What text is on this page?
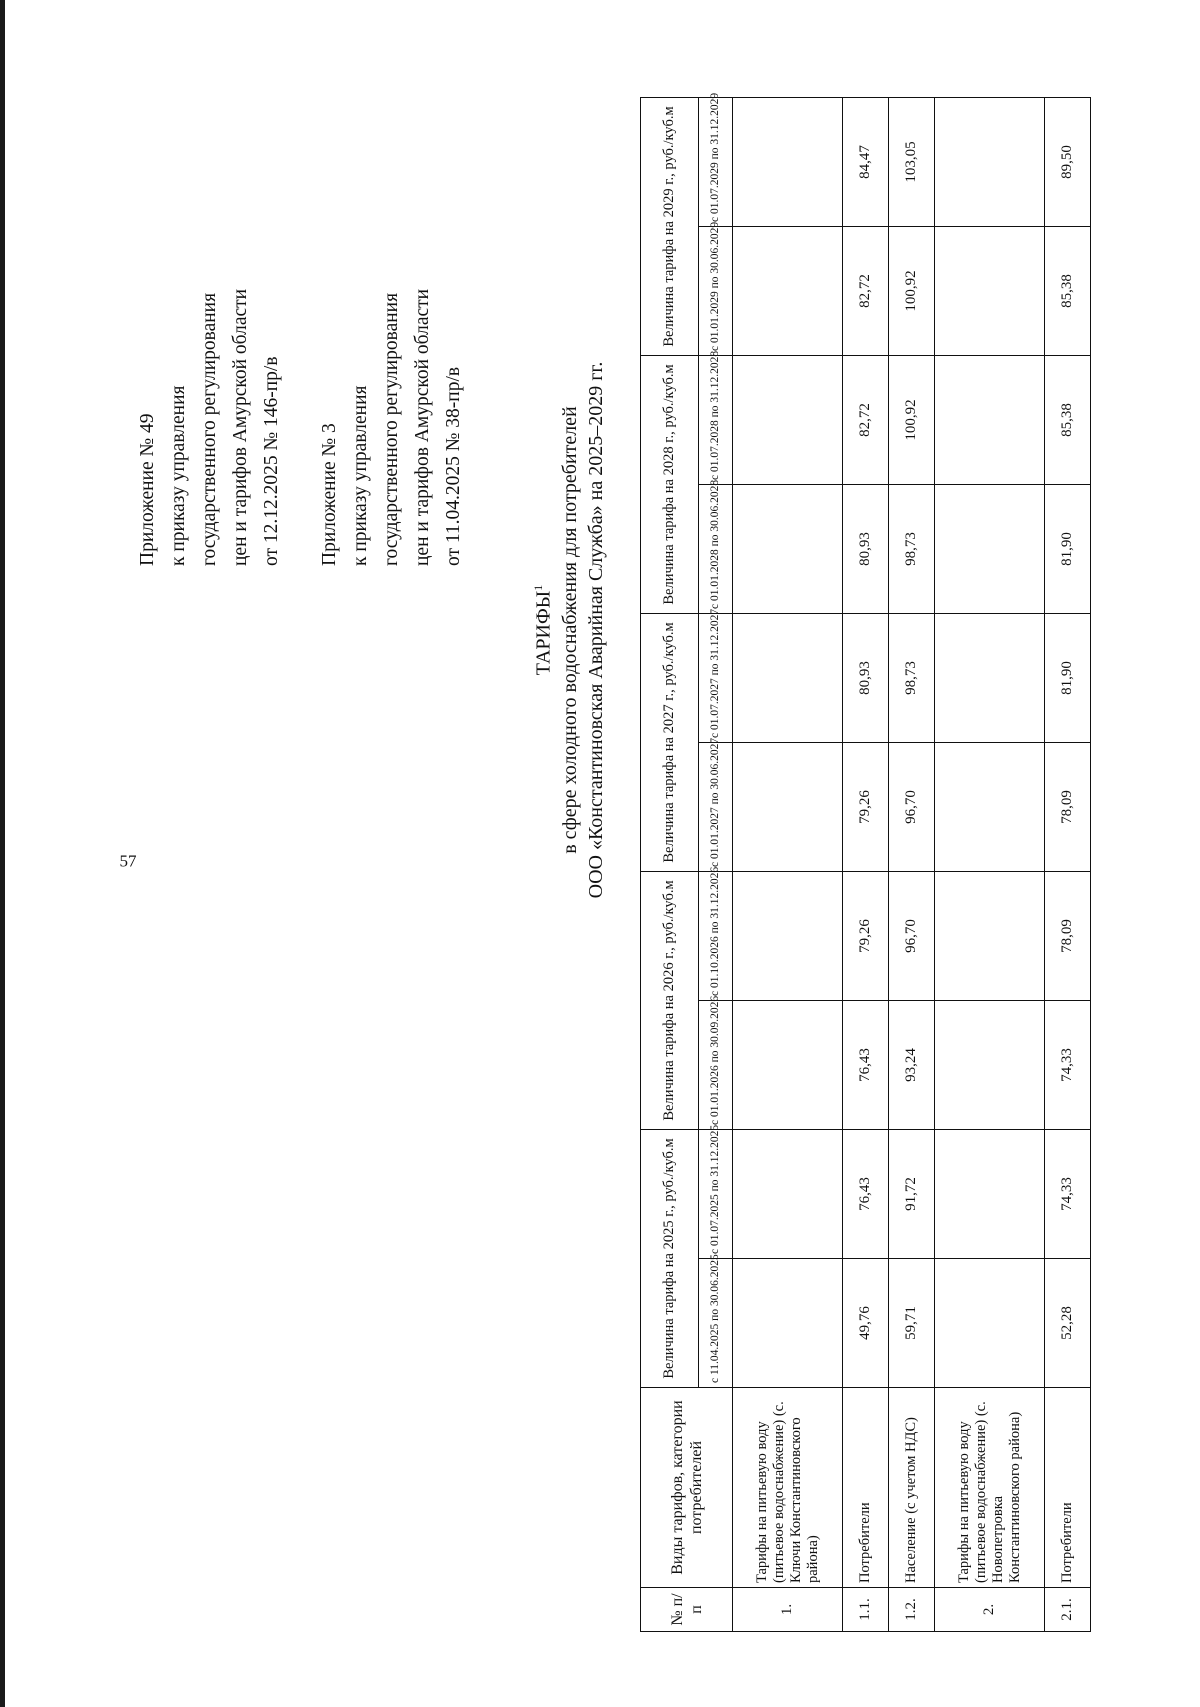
57
Приложение № 49 к приказу управления государственного регулирования цен и тарифов Амурской области от 12.12.2025 № 146-пр/в Приложение № 3 к приказу управления государственного регулирования цен и тарифов Амурской области от 11.04.2025 № 38-пр/в
ТАРИФЫ$^1$ в сфере холодного водоснабжения для потребителей ООО «Константиновская Аварийная Служба» на 2025–2029 гг.
№ п/п	Виды тарифов, категории потребителей	Величина тарифа на 2025 г., руб./куб.м		Величина тарифа на 2026 г., руб./куб.м		Величина тарифа на 2027 г., руб./куб.м		Величина тарифа на 2028 г., руб./куб.м		Величина тарифа на 2029 г., руб./куб.м	
		с 11.04.2025 по 30.06.2025	с 01.07.2025 по 31.12.2025	с 01.01.2026 по 30.09.2026	с 01.10.2026 по 31.12.2026	с 01.01.2027 по 30.06.2027	с 01.07.2027 по 31.12.2027	с 01.01.2028 по 30.06.2028	с 01.07.2028 по 31.12.2028	с 01.01.2029 по 30.06.2029	с 01.07.2029 по 31.12.2029
1.	Тарифы на питьевую воду (питьевое водоснабжение) (с. Ключи Константиновского района)										
1.1.	Потребители	49,76	76,43	76,43	79,26	79,26	80,93	80,93	82,72	82,72	84,47
1.2.	Население (с учетом НДС)	59,71	91,72	93,24	96,70	96,70	98,73	98,73	100,92	100,92	103,05
2.	Тарифы на питьевую воду (питьевое водоснабжение) (с. Новопетровка Константиновского района)										
2.1.	Потребители	52,28	74,33	74,33	78,09	78,09	81,90	81,90	85,38	85,38	89,50
